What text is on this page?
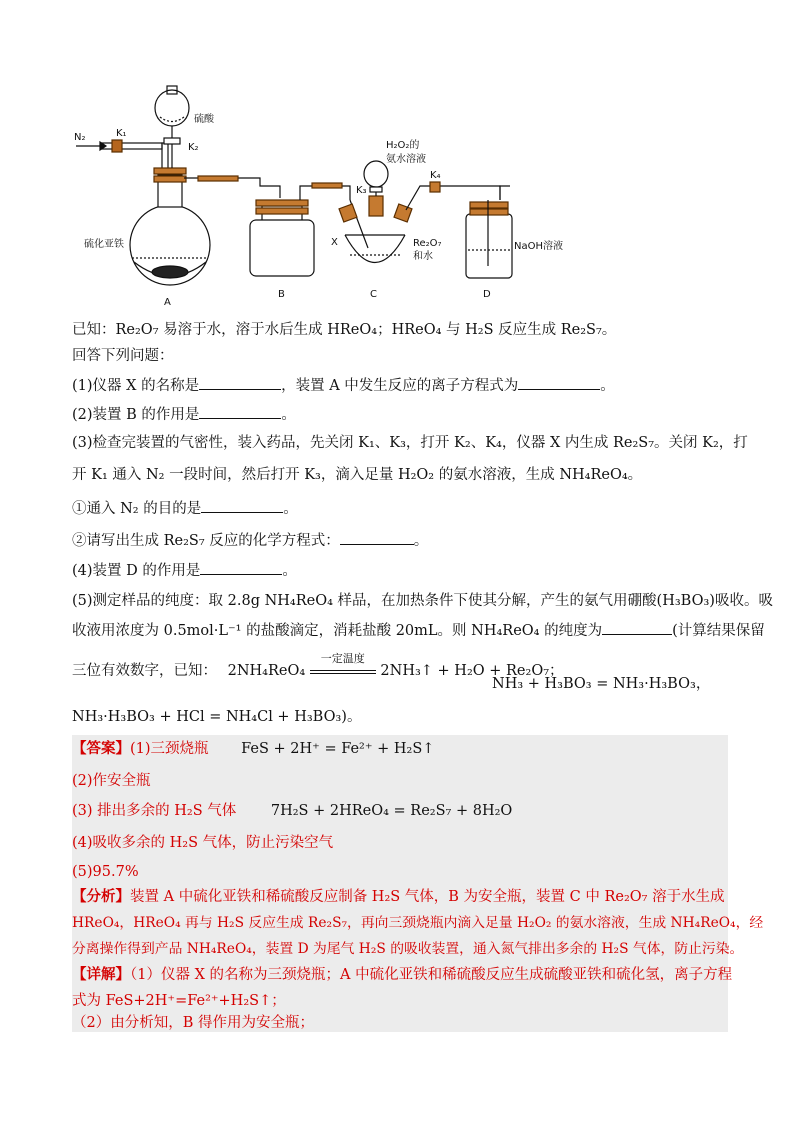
N₂	K₁
硫酸
K₂
硫化亚铁
H₂O₂的
氨水溶液
K₃
K₄
X	Re₂O₇
和水
NaOH溶液
A
B	C	D
已知：Re₂O₇ 易溶于水，溶于水后生成 HReO₄；HReO₄ 与 H₂S 反应生成 Re₂S₇。
回答下列问题：
(1)仪器 X 的名称是	，装置 A 中发生反应的离子方程式为	。
(2)装置 B 的作用是	。
(3)检查完装置的气密性，装入药品，先关闭 K₁、K₃，打开 K₂、K₄，仪器 X 内生成 Re₂S₇。关闭 K₂，打
开 K₁ 通入 N₂ 一段时间，然后打开 K₃，滴入足量 H₂O₂ 的氨水溶液，生成 NH₄ReO₄。
①通入 N₂ 的目的是	。
②请写出生成 Re₂S₇ 反应的化学方程式：	。
(4)装置 D 的作用是	。
(5)测定样品的纯度：取 2.8g NH₄ReO₄ 样品，在加热条件下使其分解，产生的氨气用硼酸(H₃BO₃)吸收。吸
收液用浓度为 0.5mol·L⁻¹ 的盐酸滴定，消耗盐酸 20mL。则 NH₄ReO₄ 的纯度为	(计算结果保留
三位有效数字，已知： 2NH₄ReO₄
一定温度
2NH₃↑ + H₂O + Re₂O₇；
NH₃ + H₃BO₃ = NH₃·H₃BO₃，
NH₃·H₃BO₃ + HCl = NH₄Cl + H₃BO₃)。
【答案】(1)三颈烧瓶 FeS + 2H⁺ = Fe²⁺ + H₂S↑
(2)作安全瓶
(3) 排出多余的 H₂S 气体 7H₂S + 2HReO₄ = Re₂S₇ + 8H₂O
(4)吸收多余的 H₂S 气体，防止污染空气
(5)95.7%
【分析】装置 A 中硫化亚铁和稀硫酸反应制备 H₂S 气体，B 为安全瓶，装置 C 中 Re₂O₇ 溶于水生成
HReO₄，HReO₄ 再与 H₂S 反应生成 Re₂S₇，再向三颈烧瓶内滴入足量 H₂O₂ 的氨水溶液，生成 NH₄ReO₄，经
分离操作得到产品 NH₄ReO₄，装置 D 为尾气 H₂S 的吸收装置，通入氮气排出多余的 H₂S 气体，防止污染。
【详解】（1）仪器 X 的名称为三颈烧瓶；A 中硫化亚铁和稀硫酸反应生成硫酸亚铁和硫化氢，离子方程
式为 FeS+2H⁺=Fe²⁺+H₂S↑；
（2）由分析知，B 得作用为安全瓶；
